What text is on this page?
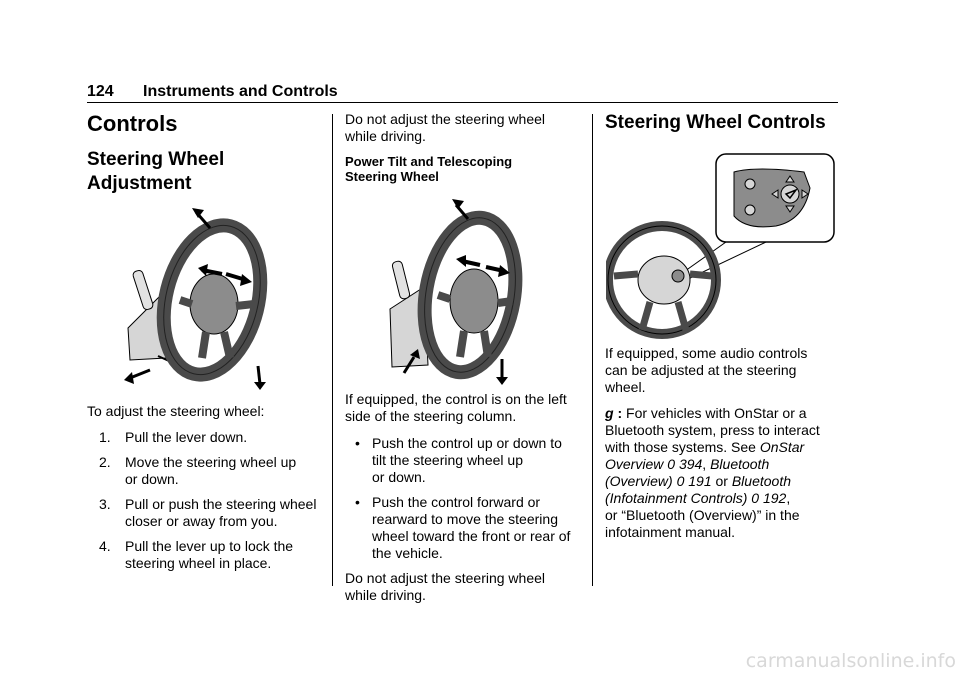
124 Instruments and Controls
Controls
Steering Wheel
Adjustment

To adjust the steering wheel:

1. Pull the lever down.
2. Move the steering wheel up
or down.
3. Pull or push the steering wheel
closer or away from you.
4. Pull the lever up to lock the
steering wheel in place.

Do not adjust the steering wheel
while driving.

Power Tilt and Telescoping
Steering Wheel

If equipped, the control is on the left
side of the steering column.

• Push the control up or down to
tilt the steering wheel up
or down.
• Push the control forward or
rearward to move the steering
wheel toward the front or rear of
the vehicle.

Do not adjust the steering wheel
while driving.

Steering Wheel Controls

If equipped, some audio controls
can be adjusted at the steering
wheel.

g : For vehicles with OnStar or a
Bluetooth system, press to interact
with those systems. See OnStar
Overview 0 394, Bluetooth
(Overview) 0 191 or Bluetooth
(Infotainment Controls) 0 192,
or “Bluetooth (Overview)” in the
infotainment manual.

carmanualsonline.info
